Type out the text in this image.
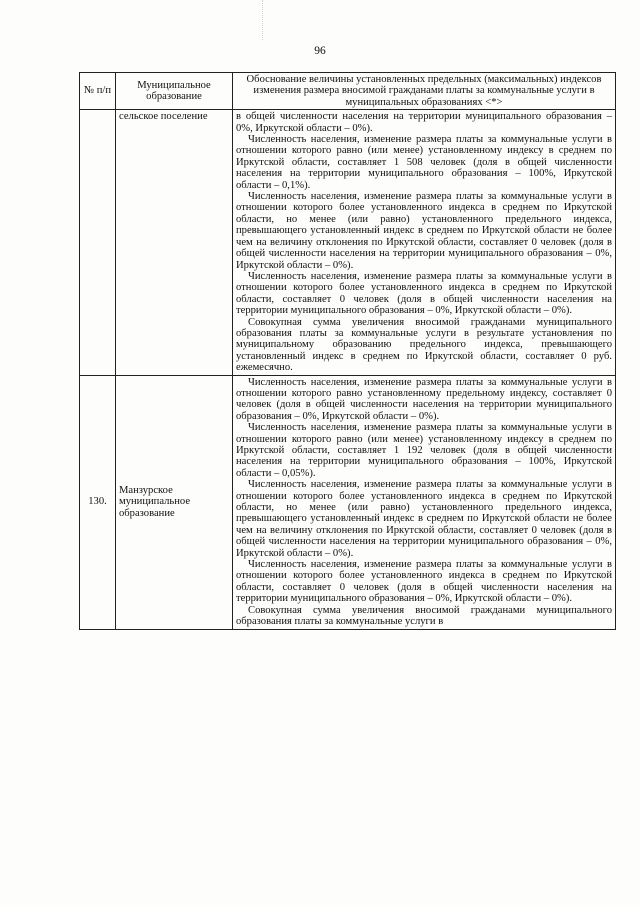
96
№ п/п	Муниципальное образование	Обоснование величины установленных предельных (максимальных) индексов изменения размера вносимой гражданами платы за коммунальные услуги в муниципальных образованиях <*>
	сельское поселение	в общей численности населения на территории муниципального образования – 0%, Иркутской области – 0%).

Численность населения, изменение размера платы за коммунальные услуги в отношении которого равно (или менее) установленному индексу в среднем по Иркутской области, составляет 1 508 человек (доля в общей численности населения на территории муниципального образования – 100%, Иркутской области – 0,1%).

Численность населения, изменение размера платы за коммунальные услуги в отношении которого более установленного индекса в среднем по Иркутской области, но менее (или равно) установленного предельного индекса, превышающего установленный индекс в среднем по Иркутской области не более чем на величину отклонения по Иркутской области, составляет 0 человек (доля в общей численности населения на территории муниципального образования – 0%, Иркутской области – 0%).

Численность населения, изменение размера платы за коммунальные услуги в отношении которого более установленного индекса в среднем по Иркутской области, составляет 0 человек (доля в общей численности населения на территории муниципального образования – 0%, Иркутской области – 0%).

Совокупная сумма увеличения вносимой гражданами муниципального образования платы за коммунальные услуги в результате установления по муниципальному образованию предельного индекса, превышающего установленный индекс в среднем по Иркутской области, составляет 0 руб. ежемесячно.

130.	Манзурское муниципальное образование	Численность населения, изменение размера платы за коммунальные услуги в отношении которого равно установленному предельному индексу, составляет 0 человек (доля в общей численности населения на территории муниципального образования – 0%, Иркутской области – 0%).

Численность населения, изменение размера платы за коммунальные услуги в отношении которого равно (или менее) установленному индексу в среднем по Иркутской области, составляет 1 192 человек (доля в общей численности населения на территории муниципального образования – 100%, Иркутской области – 0,05%).

Численность населения, изменение размера платы за коммунальные услуги в отношении которого более установленного индекса в среднем по Иркутской области, но менее (или равно) установленного предельного индекса, превышающего установленный индекс в среднем по Иркутской области не более чем на величину отклонения по Иркутской области, составляет 0 человек (доля в общей численности населения на территории муниципального образования – 0%, Иркутской области – 0%).

Численность населения, изменение размера платы за коммунальные услуги в отношении которого более установленного индекса в среднем по Иркутской области, составляет 0 человек (доля в общей численности населения на территории муниципального образования – 0%, Иркутской области – 0%).

Совокупная сумма увеличения вносимой гражданами муниципального образования платы за коммунальные услуги в
